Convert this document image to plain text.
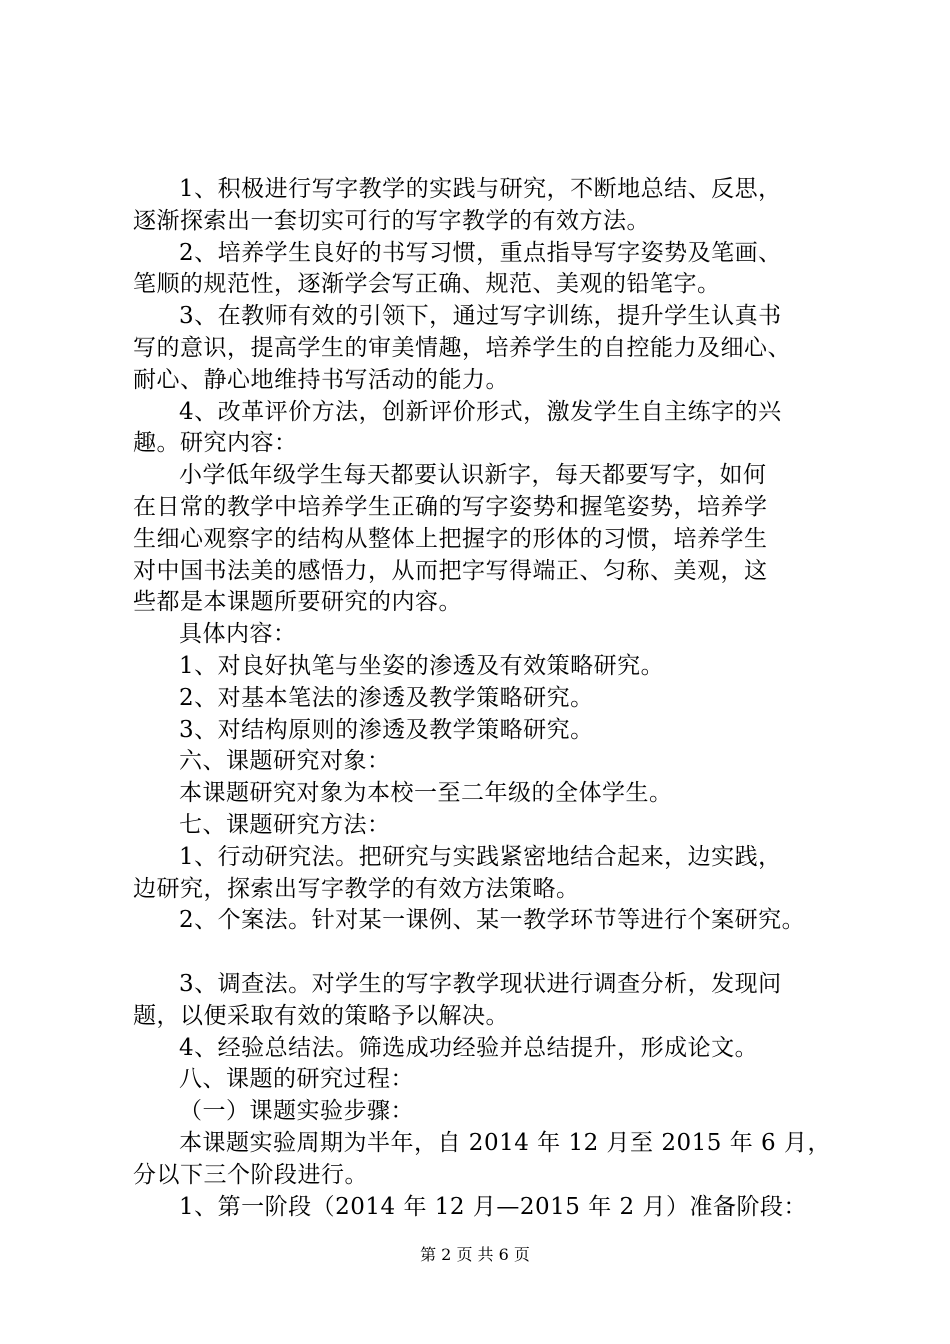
1、积极进行写字教学的实践与研究，不断地总结、反思，
逐渐探索出一套切实可行的写字教学的有效方法。
2、培养学生良好的书写习惯，重点指导写字姿势及笔画、
笔顺的规范性，逐渐学会写正确、规范、美观的铅笔字。
3、在教师有效的引领下，通过写字训练，提升学生认真书
写的意识，提高学生的审美情趣，培养学生的自控能力及细心、
耐心、静心地维持书写活动的能力。
4、改革评价方法，创新评价形式，激发学生自主练字的兴
趣。研究内容：
小学低年级学生每天都要认识新字，每天都要写字，如何
在日常的教学中培养学生正确的写字姿势和握笔姿势，培养学
生细心观察字的结构从整体上把握字的形体的习惯，培养学生
对中国书法美的感悟力，从而把字写得端正、匀称、美观，这
些都是本课题所要研究的内容。
具体内容：
1、对良好执笔与坐姿的渗透及有效策略研究。
2、对基本笔法的渗透及教学策略研究。
3、对结构原则的渗透及教学策略研究。
六、课题研究对象：
本课题研究对象为本校一至二年级的全体学生。
七、课题研究方法：
1、行动研究法。把研究与实践紧密地结合起来，边实践，
边研究，探索出写字教学的有效方法策略。
2、个案法。针对某一课例、某一教学环节等进行个案研究。
3、调查法。对学生的写字教学现状进行调查分析，发现问
题，以便采取有效的策略予以解决。
4、经验总结法。筛选成功经验并总结提升，形成论文。
八、课题的研究过程：
（一）课题实验步骤：
本课题实验周期为半年，自 2014 年 12 月至 2015 年 6 月，
分以下三个阶段进行。
1、第一阶段（2014 年 12 月—2015 年 2 月）准备阶段：
第 2 页 共 6 页
